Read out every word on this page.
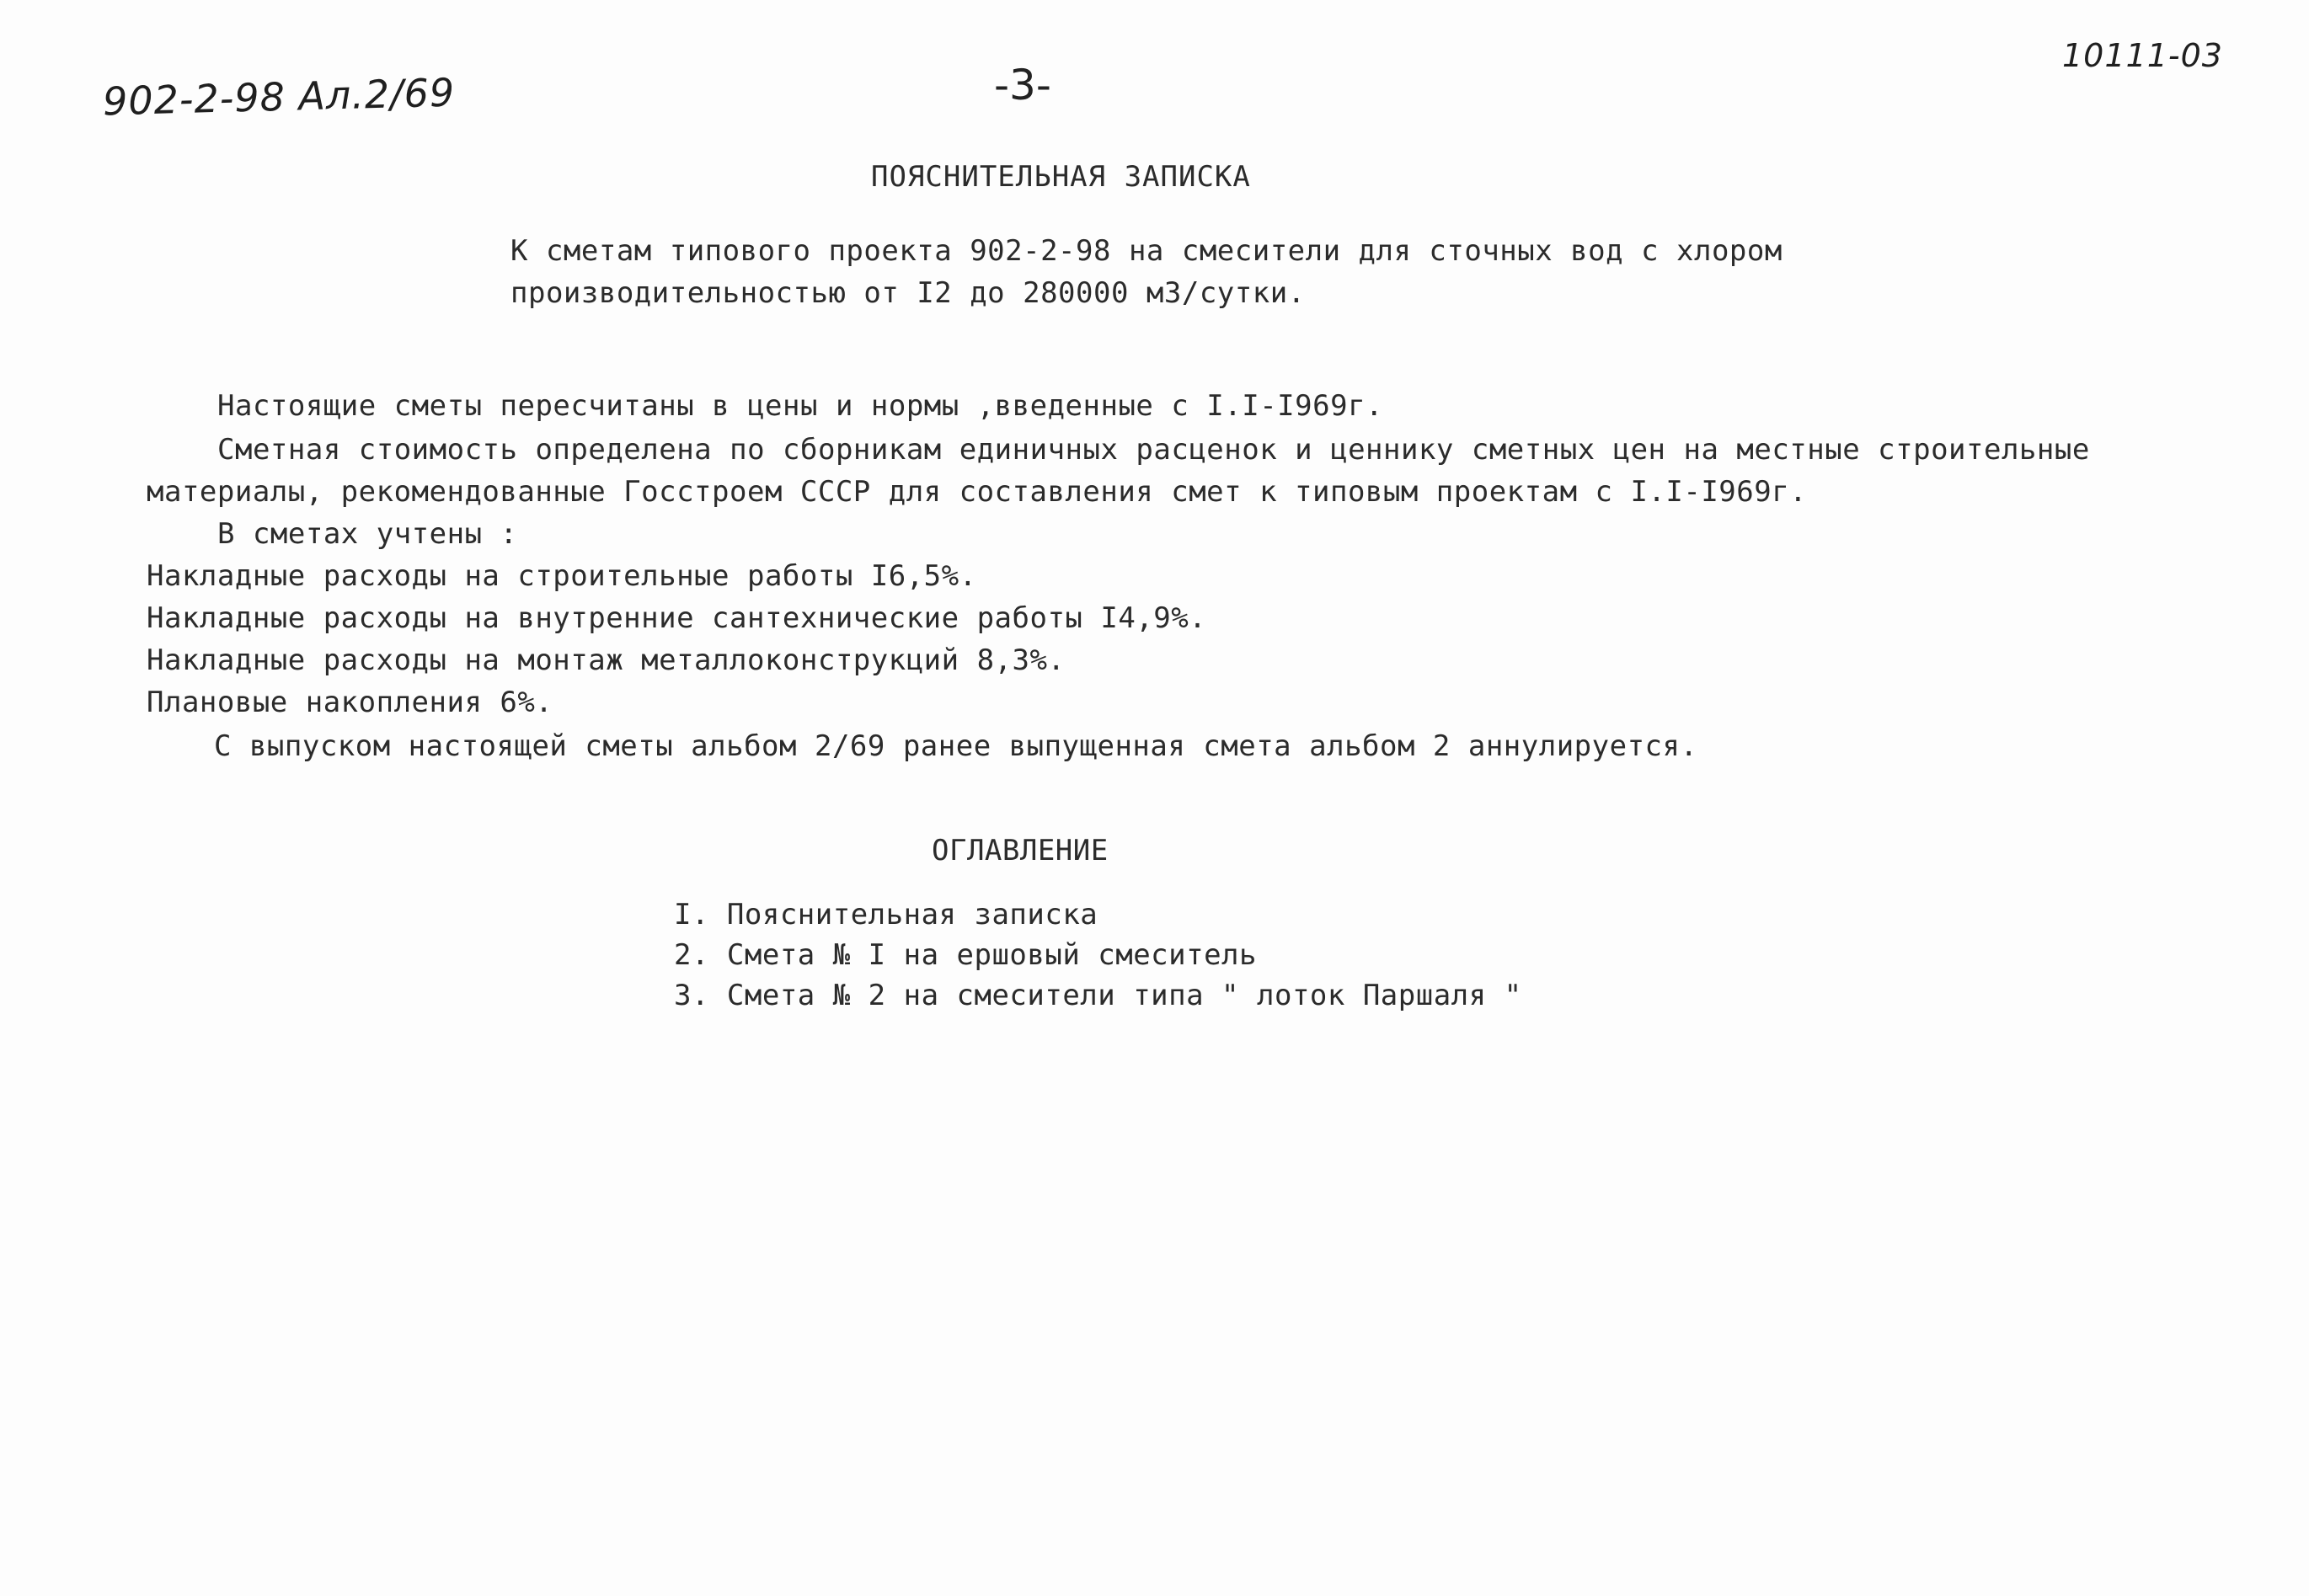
902-2-98 Ал.2/69	-3-
10111-03
ПОЯСНИТЕЛЬНАЯ ЗАПИСКА
К сметам типового проекта 902-2-98 на смесители для сточных вод с хлором
производительностью от I2 до 280000 м3/сутки.
Настоящие сметы пересчитаны в цены и нормы ,введенные с I.I-I969г.
Сметная стоимость определена по сборникам единичных расценок и ценнику сметных цен на местные строительные
материалы, рекомендованные Госстроем СССР для составления смет к типовым проектам с I.I-I969г.
В сметах учтены :
Накладные расходы на строительные работы I6,5%.
Накладные расходы на внутренние сантехнические работы I4,9%.
Накладные расходы на монтаж металлоконструкций 8,3%.
Плановые накопления 6%.
С выпуском настоящей сметы альбом 2/69 ранее выпущенная смета альбом 2 аннулируется.
ОГЛАВЛЕНИЕ
I. Пояснительная записка
2. Смета № I на ершовый смеситель
3. Смета № 2 на смесители типа " лоток Паршаля "
